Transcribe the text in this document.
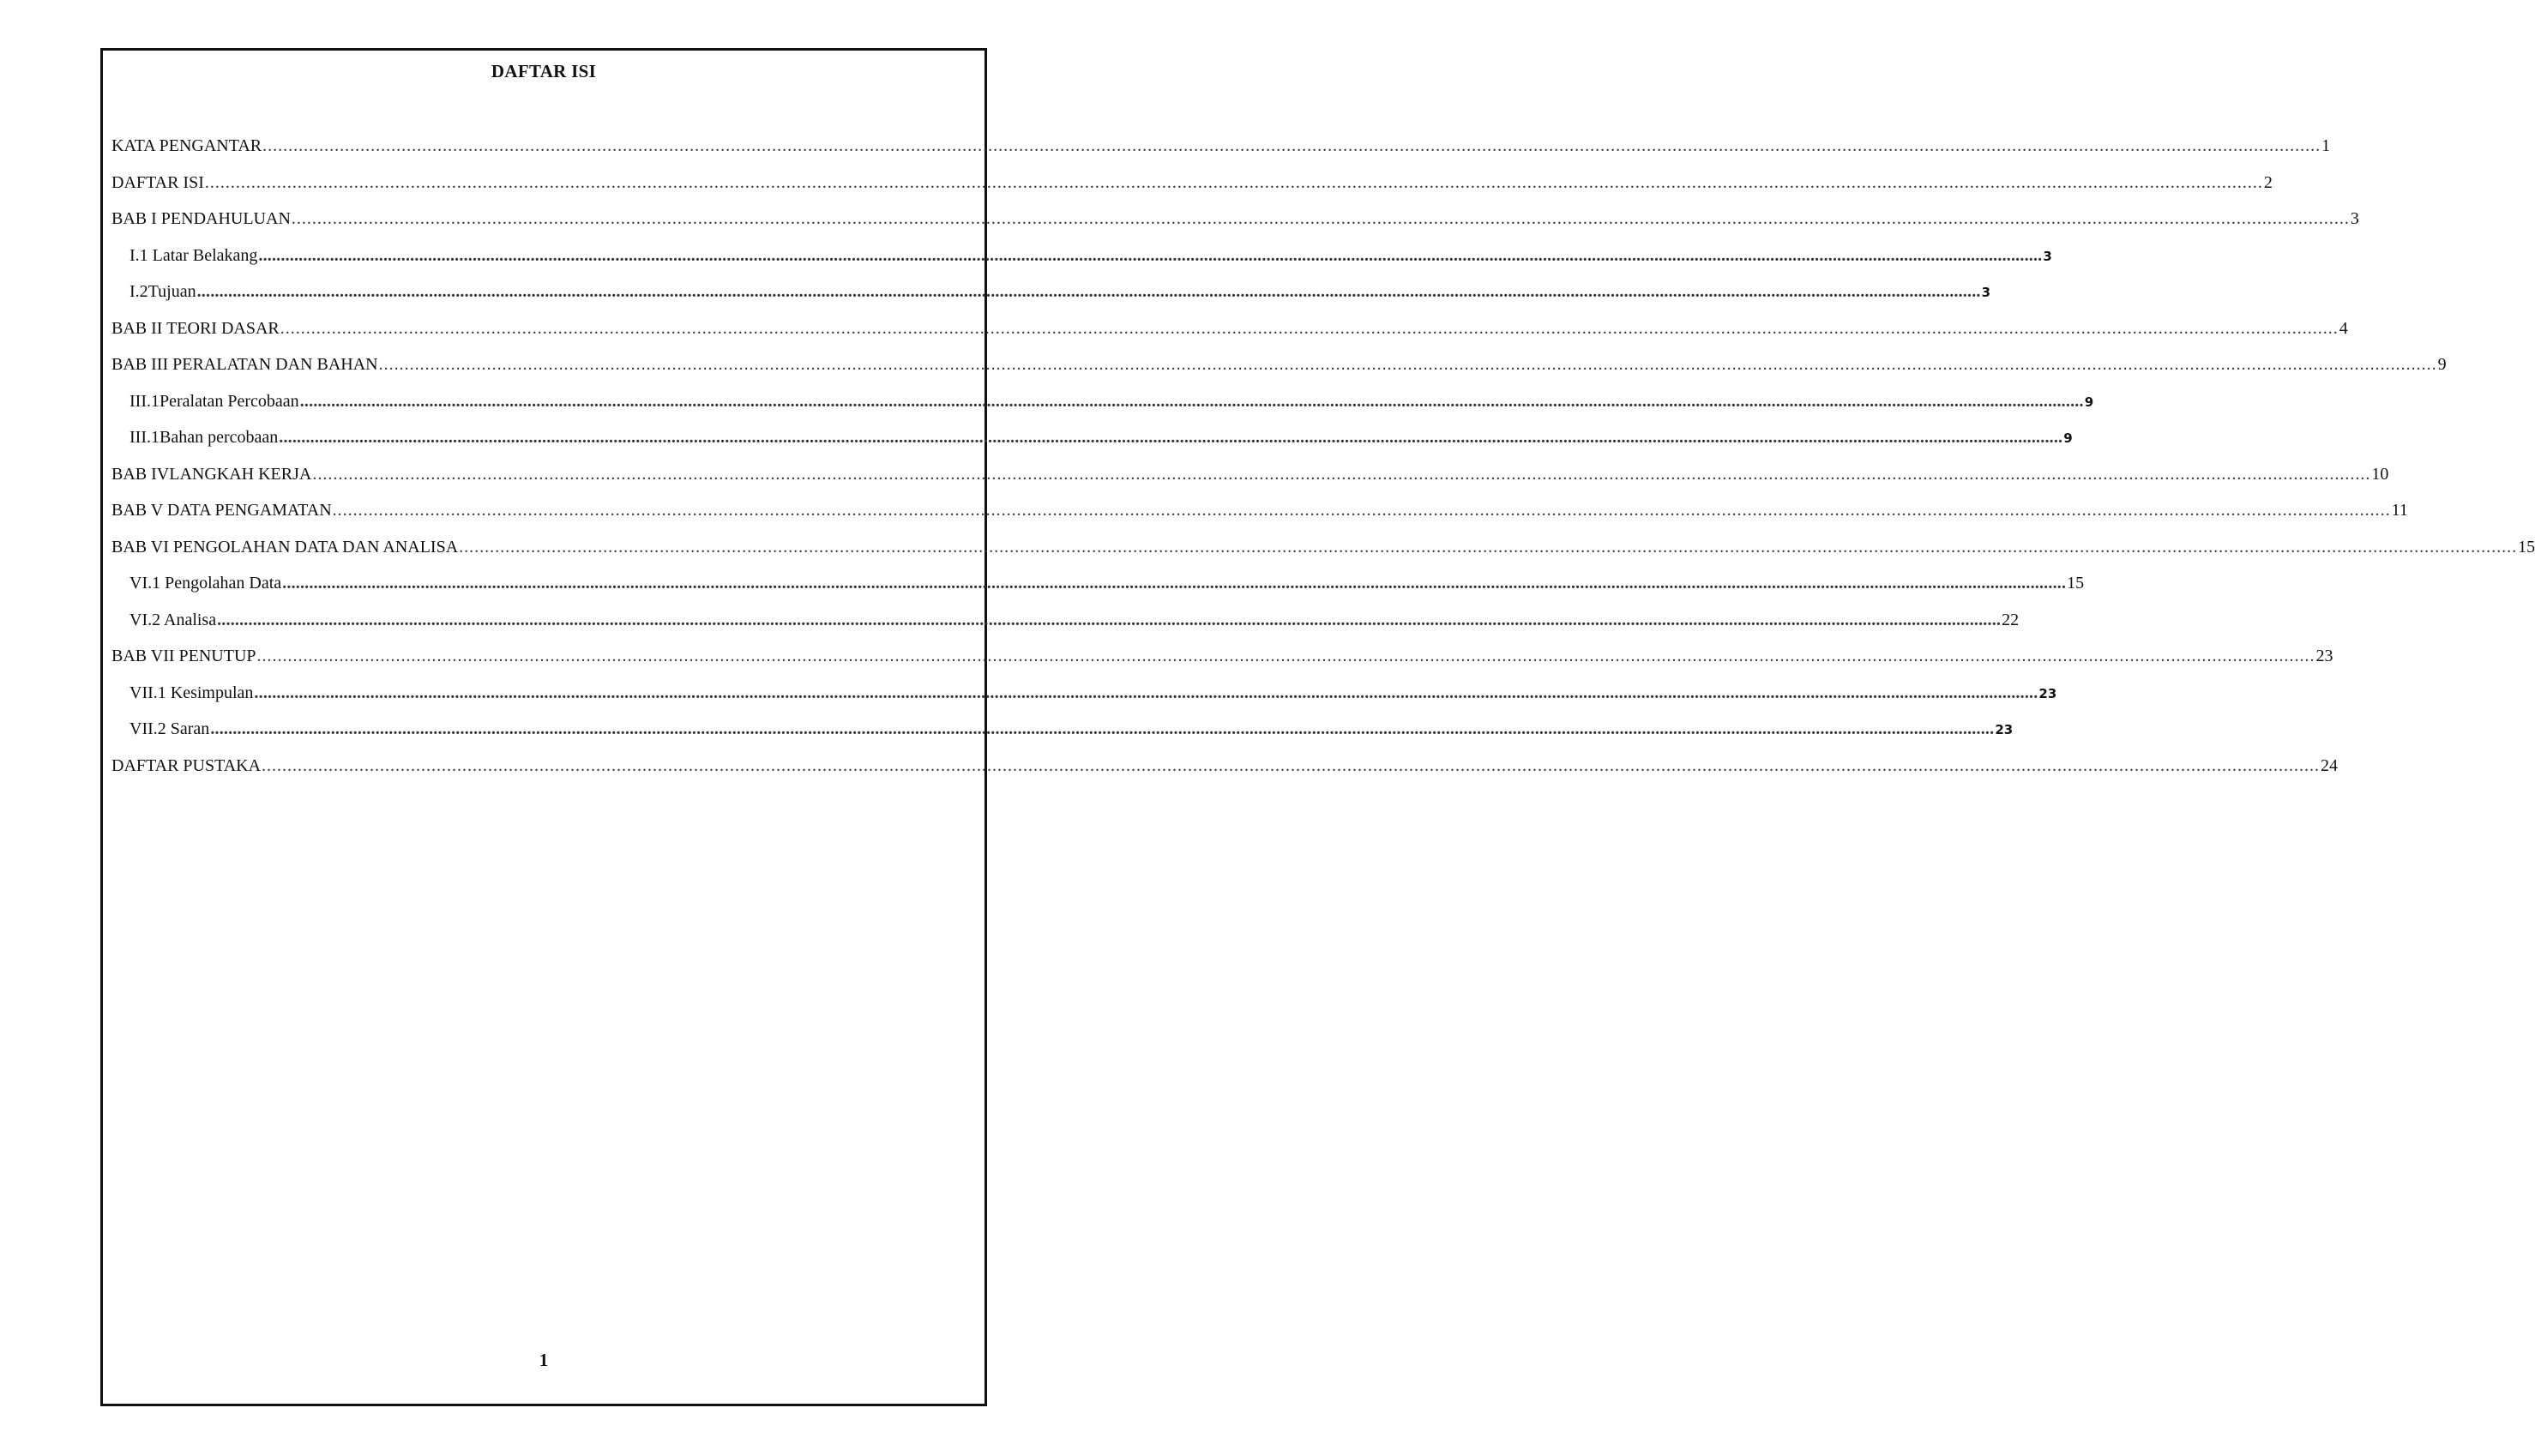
DAFTAR ISI
KATA PENGANTAR ................................................................................................................................................................................................................................................................................................................................................................................................................ 1
DAFTAR ISI ................................................................................................................................................................................................................................................................................................................................................................................................................ 2
BAB I PENDAHULUAN ................................................................................................................................................................................................................................................................................................................................................................................................................ 3
I.1 Latar Belakang ................................................................................................................................................................................................................................................................................................................................................................................................................ 3
I.2Tujuan ................................................................................................................................................................................................................................................................................................................................................................................................................ 3
BAB II TEORI DASAR ................................................................................................................................................................................................................................................................................................................................................................................................................ 4
BAB III PERALATAN DAN BAHAN ................................................................................................................................................................................................................................................................................................................................................................................................................ 9
III.1Peralatan Percobaan ................................................................................................................................................................................................................................................................................................................................................................................................................ 9
III.1Bahan percobaan ................................................................................................................................................................................................................................................................................................................................................................................................................ 9
BAB IVLANGKAH KERJA ................................................................................................................................................................................................................................................................................................................................................................................................................ 10
BAB V DATA PENGAMATAN ................................................................................................................................................................................................................................................................................................................................................................................................................ 11
BAB VI PENGOLAHAN DATA DAN ANALISA ................................................................................................................................................................................................................................................................................................................................................................................................................ 15
VI.1 Pengolahan Data ................................................................................................................................................................................................................................................................................................................................................................................................................ 15
VI.2 Analisa ................................................................................................................................................................................................................................................................................................................................................................................................................ 22
BAB VII PENUTUP ................................................................................................................................................................................................................................................................................................................................................................................................................ 23
VII.1 Kesimpulan ................................................................................................................................................................................................................................................................................................................................................................................................................ 23
VII.2 Saran ................................................................................................................................................................................................................................................................................................................................................................................................................ 23
DAFTAR PUSTAKA ................................................................................................................................................................................................................................................................................................................................................................................................................ 24
1
